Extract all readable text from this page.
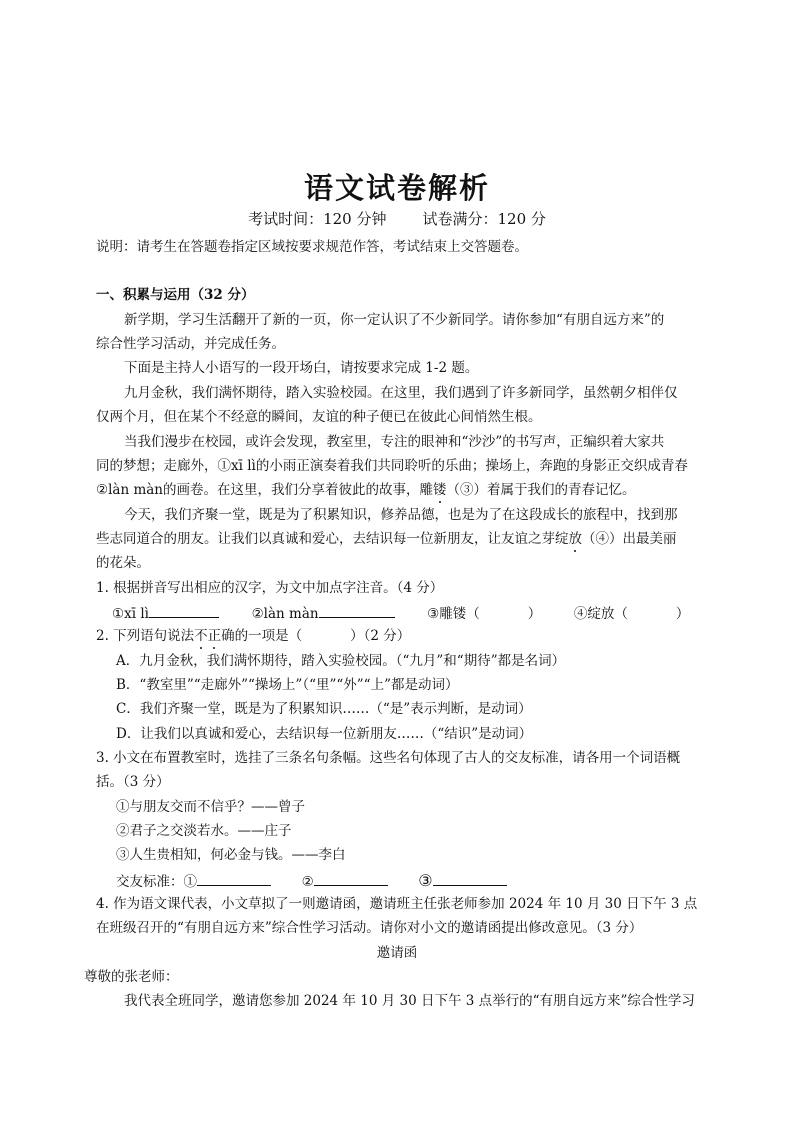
语文试卷解析
考试时间：120 分钟 试卷满分：120 分
说明：请考生在答题卷指定区域按要求规范作答，考试结束上交答题卷。
一、积累与运用（32 分）
新学期，学习生活翻开了新的一页，你一定认识了不少新同学。请你参加“有朋自远方来”的
综合性学习活动，并完成任务。
下面是主持人小语写的一段开场白，请按要求完成 1-2 题。
九月金秋，我们满怀期待，踏入实验校园。在这里，我们遇到了许多新同学，虽然朝夕相伴仅
仅两个月，但在某个不经意的瞬间，友谊的种子便已在彼此心间悄然生根。
当我们漫步在校园，或许会发现，教室里，专注的眼神和“沙沙”的书写声，正编织着大家共
同的梦想；走廊外，①xī lì的小雨正演奏着我们共同聆听的乐曲；操场上，奔跑的身影正交织成青春
②làn màn的画卷。在这里，我们分享着彼此的故事，雕镂（③）着属于我们的青春记忆。
今天，我们齐聚一堂，既是为了积累知识，修养品德，也是为了在这段成长的旅程中，找到那
些志同道合的朋友。让我们以真诚和爱心，去结识每一位新朋友，让友谊之芽绽放（④）出最美丽
的花朵。
1. 根据拼音写出相应的汉字，为文中加点字注音。（4 分）
①xī lì	②làn màn	③雕镂（	） ④绽放（	）
2. 下列语句说法不正确的一项是（	）（2 分）
A．九月金秋，我们满怀期待，踏入实验校园。（“九月”和“期待”都是名词）
B．“教室里”“走廊外”“操场上”（“里”“外”“上”都是动词）
C．我们齐聚一堂，既是为了积累知识……（“是”表示判断，是动词）
D．让我们以真诚和爱心，去结识每一位新朋友……（“结识”是动词）
3. 小文在布置教室时，选挂了三条名句条幅。这些名句体现了古人的交友标准，请各用一个词语概
括。（3 分）
①与朋友交而不信乎？——曾子
②君子之交淡若水。——庄子
③人生贵相知，何必金与钱。——李白
交友标准：①	②	③
4. 作为语文课代表，小文草拟了一则邀请函，邀请班主任张老师参加 2024 年 10 月 30 日下午 3 点
在班级召开的“有朋自远方来”综合性学习活动。请你对小文的邀请函提出修改意见。（3 分）
邀请函
尊敬的张老师：
我代表全班同学，邀请您参加 2024 年 10 月 30 日下午 3 点举行的“有朋自远方来”综合性学习
